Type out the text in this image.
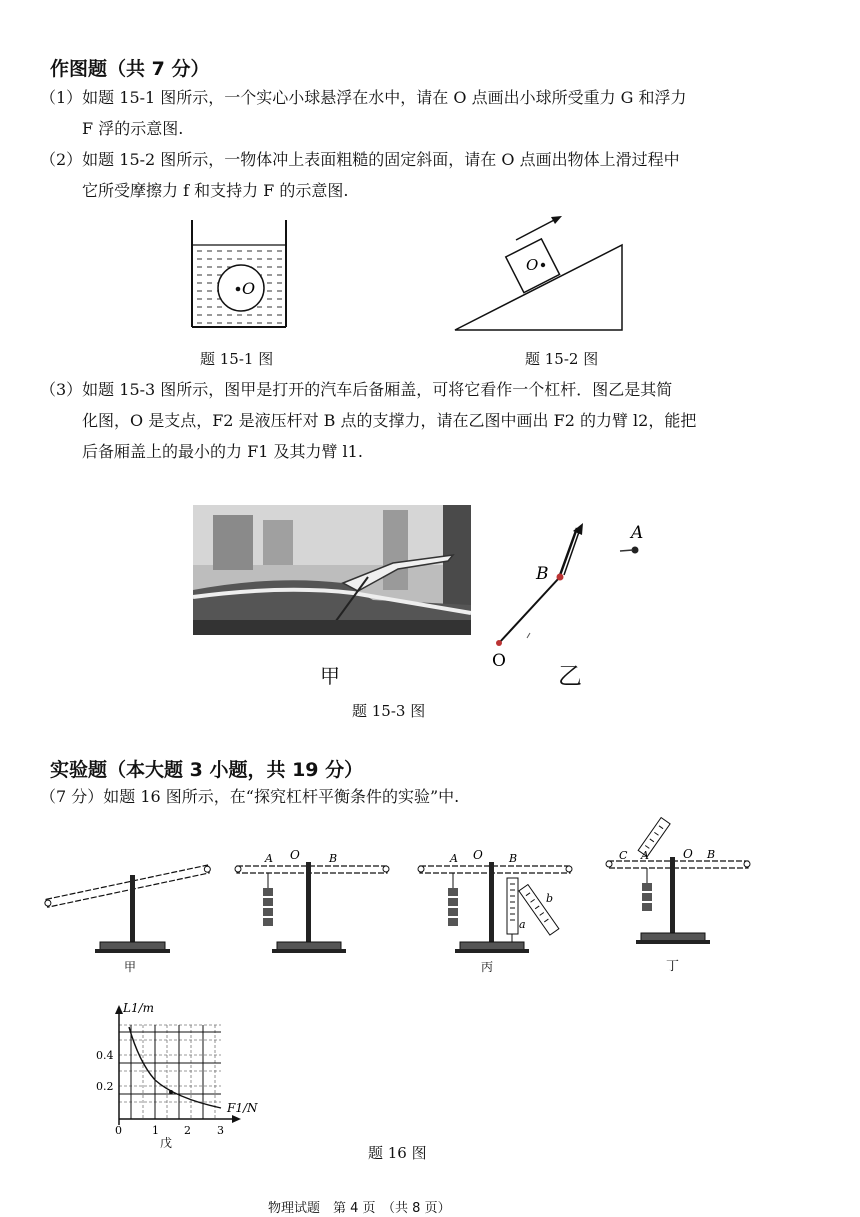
作图题（共 7 分）
（1）如题 15-1 图所示，一个实心小球悬浮在水中，请在 O 点画出小球所受重力 G 和浮力
F 浮的示意图.
（2）如题 15-2 图所示，一物体冲上表面粗糙的固定斜面，请在 O 点画出物体上滑过程中
它所受摩擦力 f 和支持力 F 的示意图.
O
O
题 15-1 图	题 15-2 图
（3）如题 15-3 图所示，图甲是打开的汽车后备厢盖，可将它看作一个杠杆．图乙是其简
化图，O 是支点，F2 是液压杆对 B 点的支撑力，请在乙图中画出 F2 的力臂 l2，能把
后备厢盖上的最小的力 F1 及其力臂 l1.
甲
A
B
O
乙
题 15-3 图
实验题（本大题 3 小题，共 19 分）
（7 分）如题 16 图所示，在“探究杠杆平衡条件的实验”中.
甲
A O	B	A O B
a
b
丙
C A	O B
丁
L1/m
F1/N
0.4
0.2
0	1 2 3
戊
题 16 图
物理试题　第 4 页　（共 8 页）
